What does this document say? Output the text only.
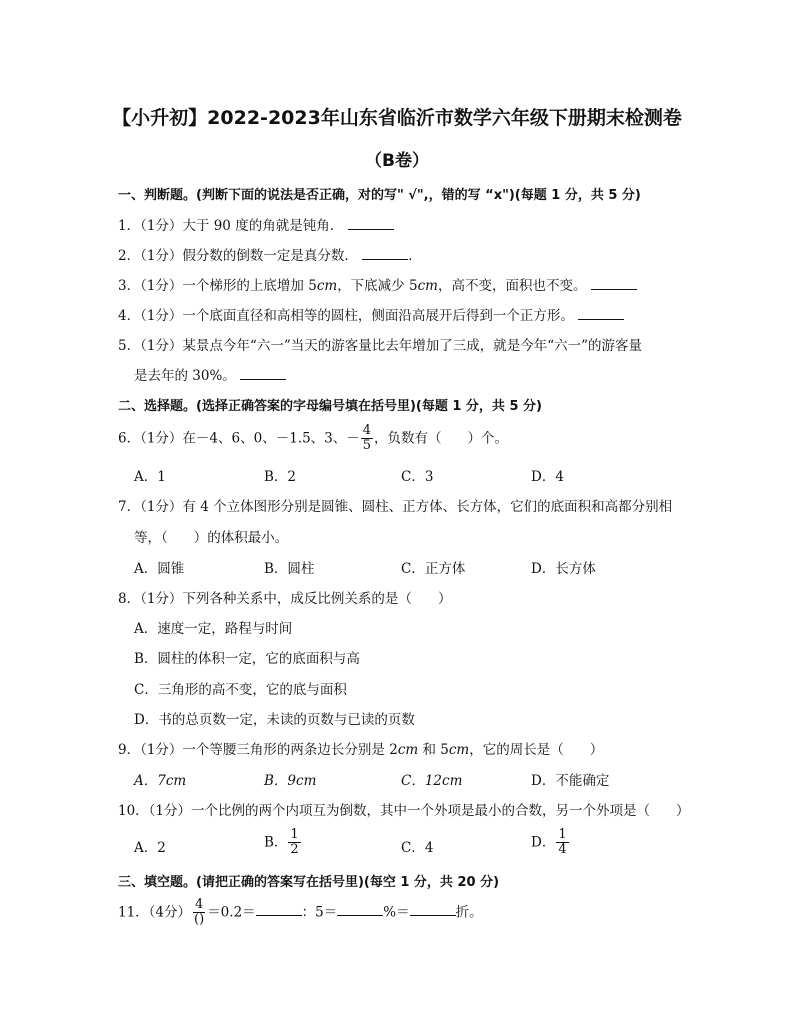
【小升初】2022-2023年山东省临沂市数学六年级下册期末检测卷
（B卷）
一、判断题。(判断下面的说法是否正确，对的写" √",，错的写 “x")(每题 1 分，共 5 分)
1．（1分）大于 90 度的角就是钝角．
2．（1分）假分数的倒数一定是真分数．	．
3．（1分）一个梯形的上底增加 5cm，下底减少 5cm，高不变，面积也不变。
4．（1分）一个底面直径和高相等的圆柱，侧面沿高展开后得到一个正方形。
5．（1分）某景点今年“六一”当天的游客量比去年增加了三成，就是今年“六一”的游客量
是去年的 30%。
二、选择题。(选择正确答案的字母编号填在括号里)(每题 1 分，共 5 分)
6．（1分）在－4、6、0、－1.5、3、－ $\frac{4}{5}$ ，负数有（ ）个。
A．1	B．2	C．3	D．4
7．（1分）有 4 个立体图形分别是圆锥、圆柱、正方体、长方体，它们的底面积和高都分别相
等，（ ）的体积最小。
A．圆锥	B．圆柱	C．正方体	D．长方体
8．（1分）下列各种关系中，成反比例关系的是（ ）
A．速度一定，路程与时间
B．圆柱的体积一定，它的底面积与高
C．三角形的高不变，它的底与面积
D．书的总页数一定，未读的页数与已读的页数
9．（1分）一个等腰三角形的两条边长分别是 2cm 和 5cm，它的周长是（ ）
A．7cm	B．9cm	C．12cm	D．不能确定
10．（1分）一个比例的两个内项互为倒数，其中一个外项是最小的合数，另一个外项是（ ）
A．2	B． $\frac{1}{2}$	C．4	D． $\frac{1}{4}$
三、填空题。(请把正确的答案写在括号里)(每空 1 分，共 20 分)
11．（4分） $\frac{4}{()} =0.2=$	：5＝	%＝	折。
